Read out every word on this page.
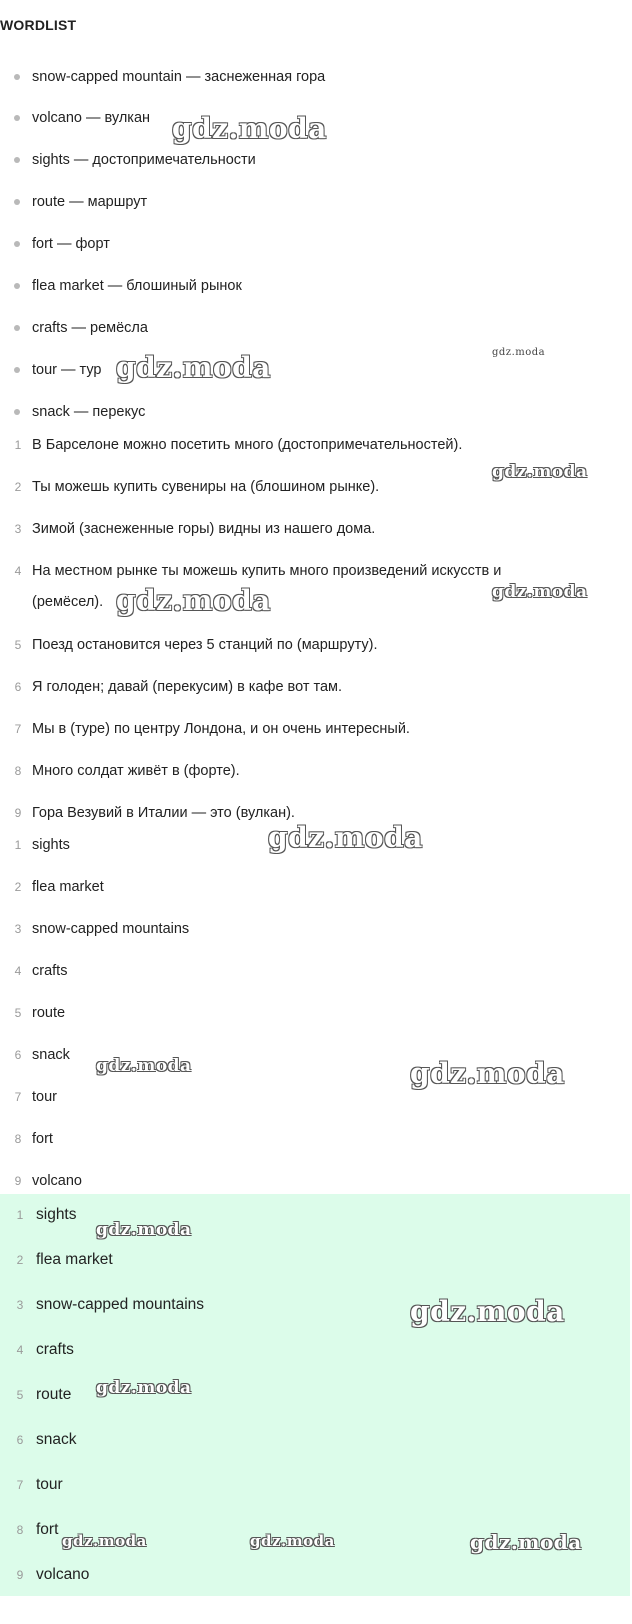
WORDLIST
snow-capped mountain — заснеженная гора
volcano — вулкан
sights — достопримечательности
route — маршрут
fort — форт
flea market — блошиный рынок
crafts — ремёсла
tour — тур
snack — перекус
1 В Барселоне можно посетить много (достопримечательностей).
2 Ты можешь купить сувениры на (блошином рынке).
3 Зимой (заснеженные горы) видны из нашего дома.
4 На местном рынке ты можешь купить много произведений искусств и
(ремёсел).
5 Поезд остановится через 5 станций по (маршруту).
6 Я голоден; давай (перекусим) в кафе вот там.
7 Мы в (туре) по центру Лондона, и он очень интересный.
8 Много солдат живёт в (форте).
9 Гора Везувий в Италии — это (вулкан).
1 sights
2 flea market
3 snow-capped mountains
4 crafts
5 route
6 snack
7 tour
8 fort
9 volcano
1 sights
2 flea market
3 snow-capped mountains
4 crafts
5 route
6 snack
7 tour
8 fort
9 volcano
gdz.moda
gdz.moda
gdz.moda
gdz.moda
gdz.moda
gdz.moda
gdz.moda
gdz.moda	gdz.moda
gdz.moda
gdz.moda
gdz.moda
gdz.moda	gdz.moda	gdz.moda
